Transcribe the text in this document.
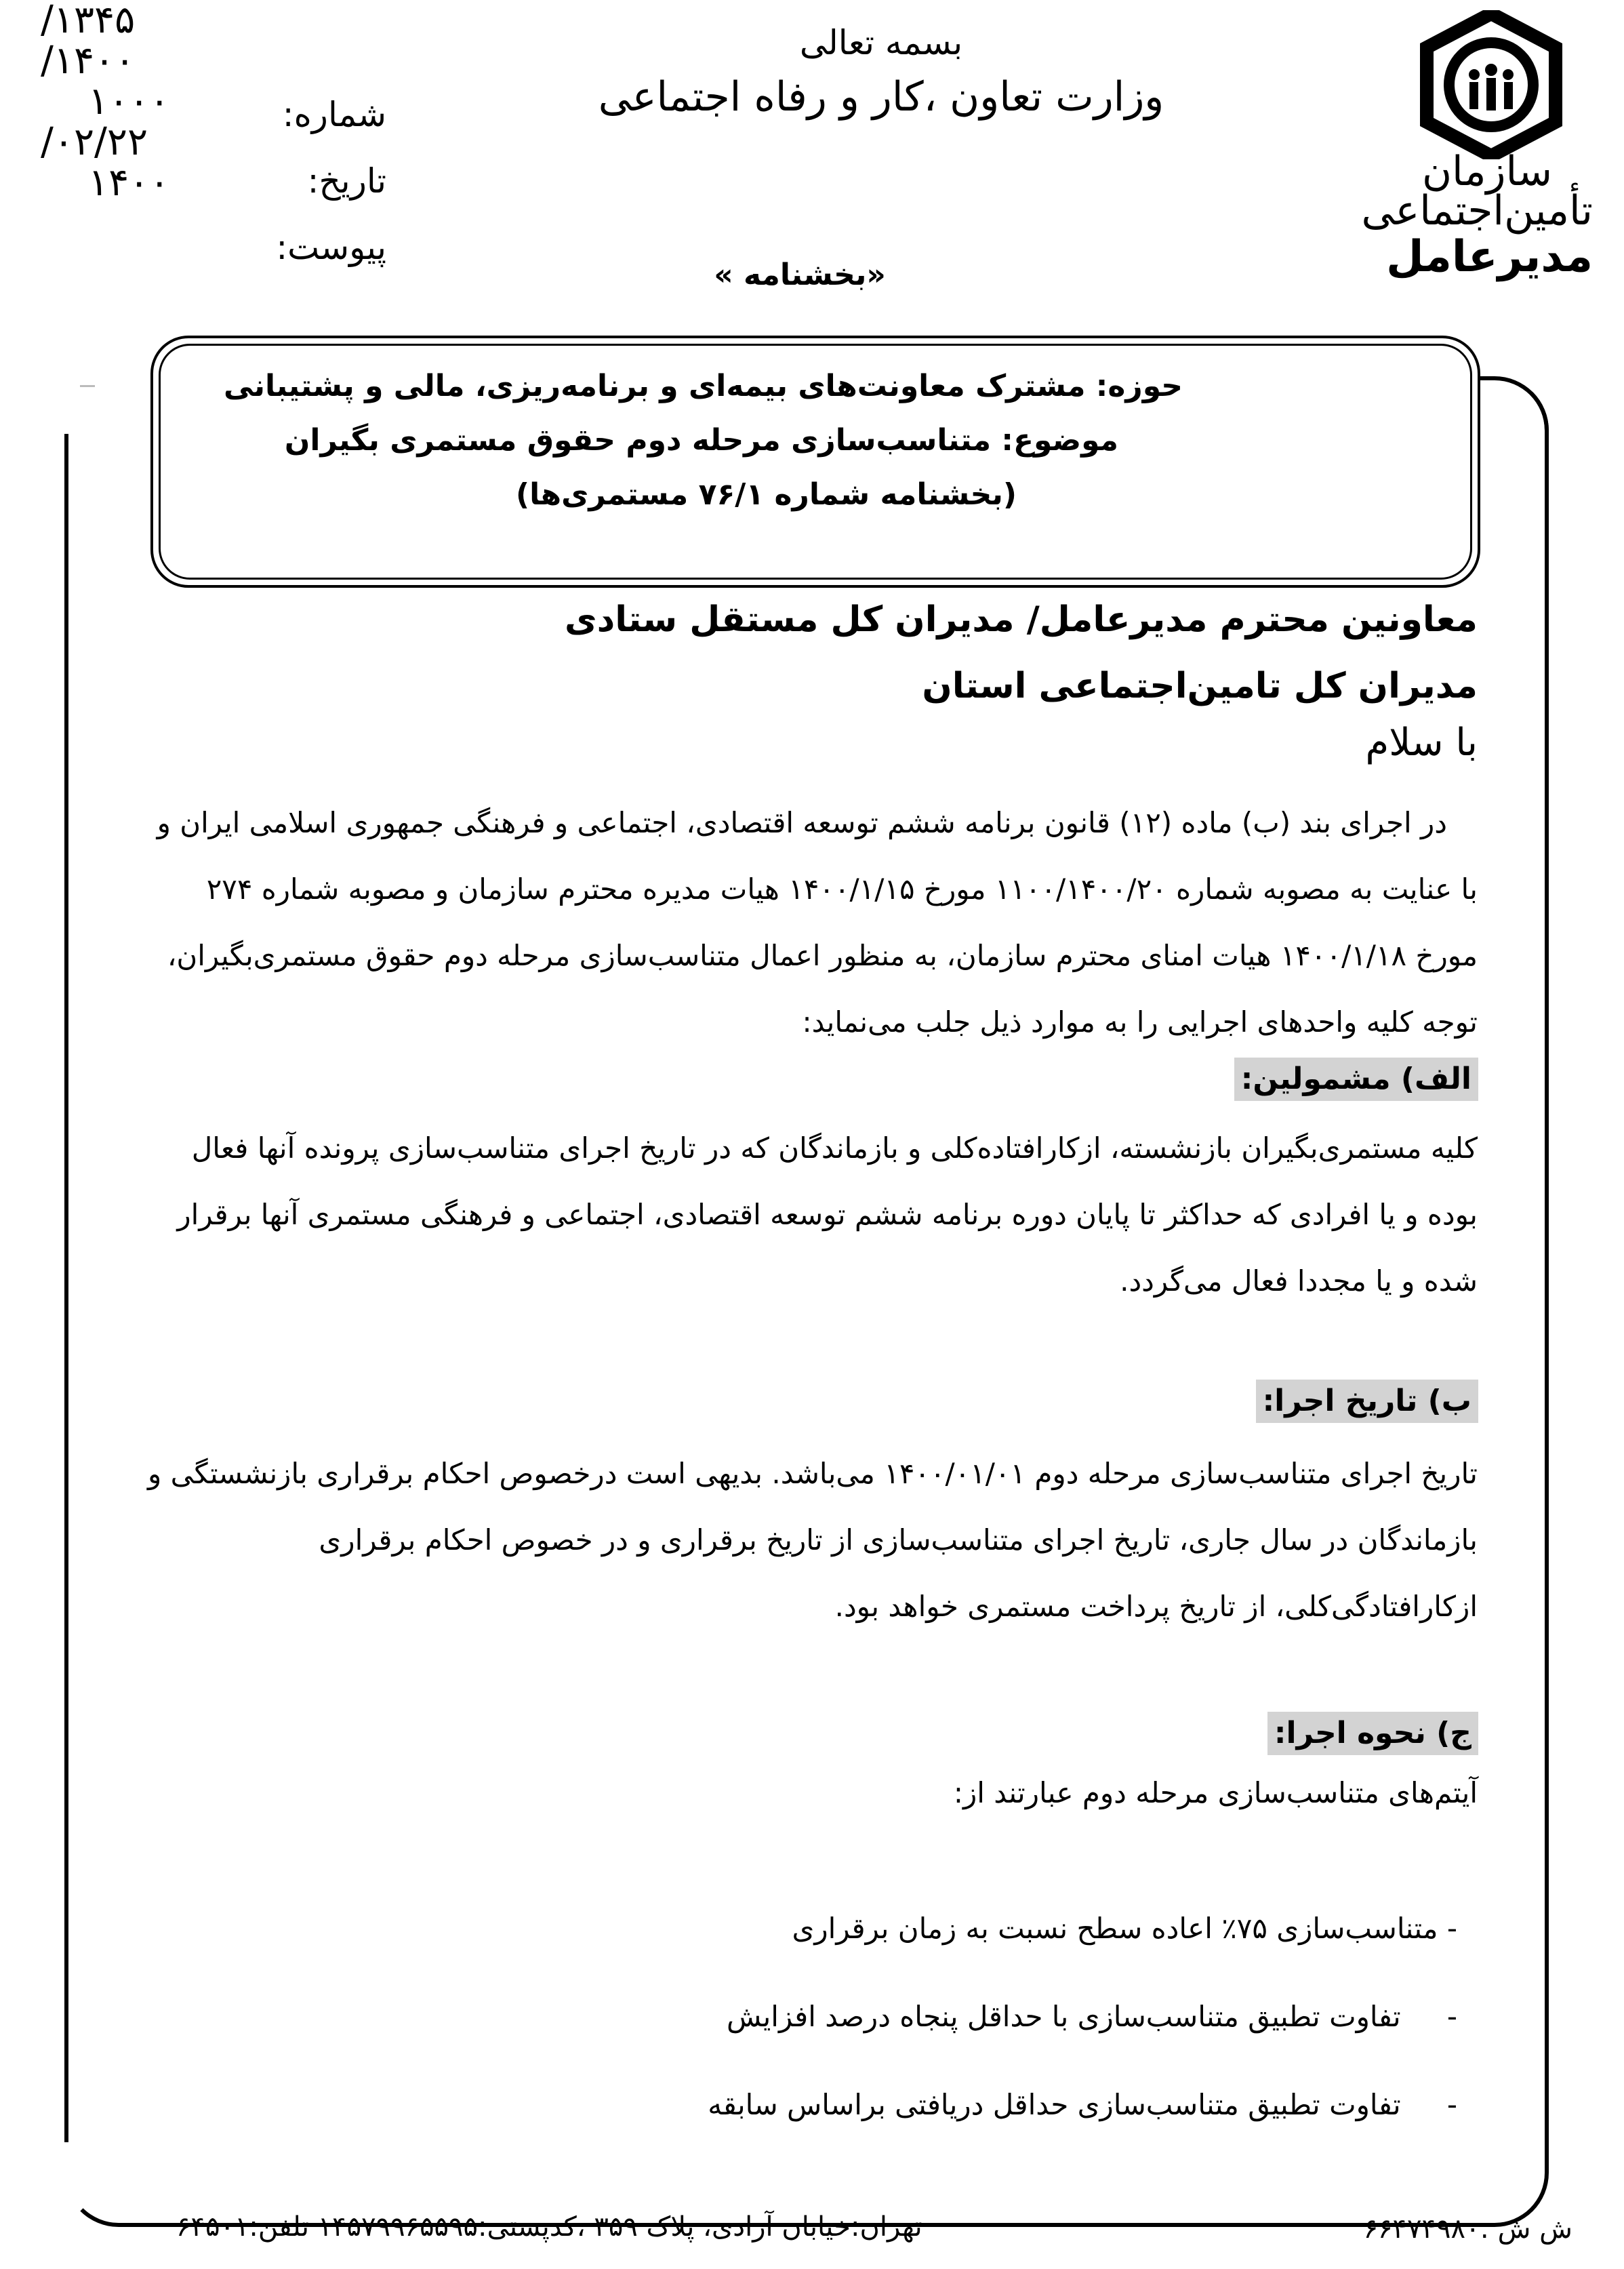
/۱۳۴۵
/۱۴۰۰
۱۰۰۰
/۰۲/۲۲
۱۴۰۰
شماره:
تاریخ:
پیوست:
بسمه تعالی
وزارت تعاون ،کار و رفاه اجتماعی
«بخشنامه »
سازمان
تأمین‌اجتماعی
مدیرعامل
حوزه: مشترک معاونت‌های بیمه‌ای و برنامه‌ریزی، مالی و پشتیبانی
موضوع: متناسب‌سازی مرحله دوم حقوق مستمری بگیران
(بخشنامه شماره ۷۶/۱ مستمری‌ها)
معاونین محترم مدیرعامل/ مدیران کل مستقل ستادی
مدیران کل تامین‌اجتماعی استان
با سلام
در اجرای بند (ب) ماده (۱۲) قانون برنامه ششم توسعه اقتصادی، اجتماعی و فرهنگی جمهوری اسلامی ایران و
با عنایت به مصوبه شماره ۱۱۰۰/۱۴۰۰/۲۰ مورخ ۱۴۰۰/۱/۱۵ هیات مدیره محترم سازمان و مصوبه شماره ۲۷۴
مورخ ۱۴۰۰/۱/۱۸ هیات امنای محترم سازمان، به منظور اعمال متناسب‌سازی مرحله دوم حقوق مستمری‌بگیران،
توجه کلیه واحدهای اجرایی را به موارد ذیل جلب می‌نماید:
الف) مشمولین:
کلیه مستمری‌بگیران بازنشسته، ازکارافتاده‌کلی و بازماندگان که در تاریخ اجرای متناسب‌سازی پرونده آنها فعال
بوده و یا افرادی که حداکثر تا پایان دوره برنامه ششم توسعه اقتصادی، اجتماعی و فرهنگی مستمری آنها برقرار
شده و یا مجددا فعال می‌گردد.
ب) تاریخ اجرا:
تاریخ اجرای متناسب‌سازی مرحله دوم ۱۴۰۰/۰۱/۰۱ می‌باشد. بدیهی است درخصوص احکام برقراری بازنشستگی و
بازماندگان در سال جاری، تاریخ اجرای متناسب‌سازی از تاریخ برقراری و در خصوص احکام برقراری
ازکارافتادگی‌کلی، از تاریخ پرداخت مستمری خواهد بود.
ج) نحوه اجرا:
آیتم‌های متناسب‌سازی مرحله دوم عبارتند از:
- متناسب‌سازی ۷۵٪ اعاده سطح نسبت به زمان برقراری
- تفاوت تطبیق متناسب‌سازی با حداقل پنجاه درصد افزایش
- تفاوت تطبیق متناسب‌سازی حداقل دریافتی براساس سابقه
تهران:خیابان آزادی، پلاک ۳۵۹ ،کدپستی:۱۴۵۷۹۹۶۵۵۹۵ تلفن:۶۴۵۰۱	ش ش :۶۶۴۷۴۹۸۰
